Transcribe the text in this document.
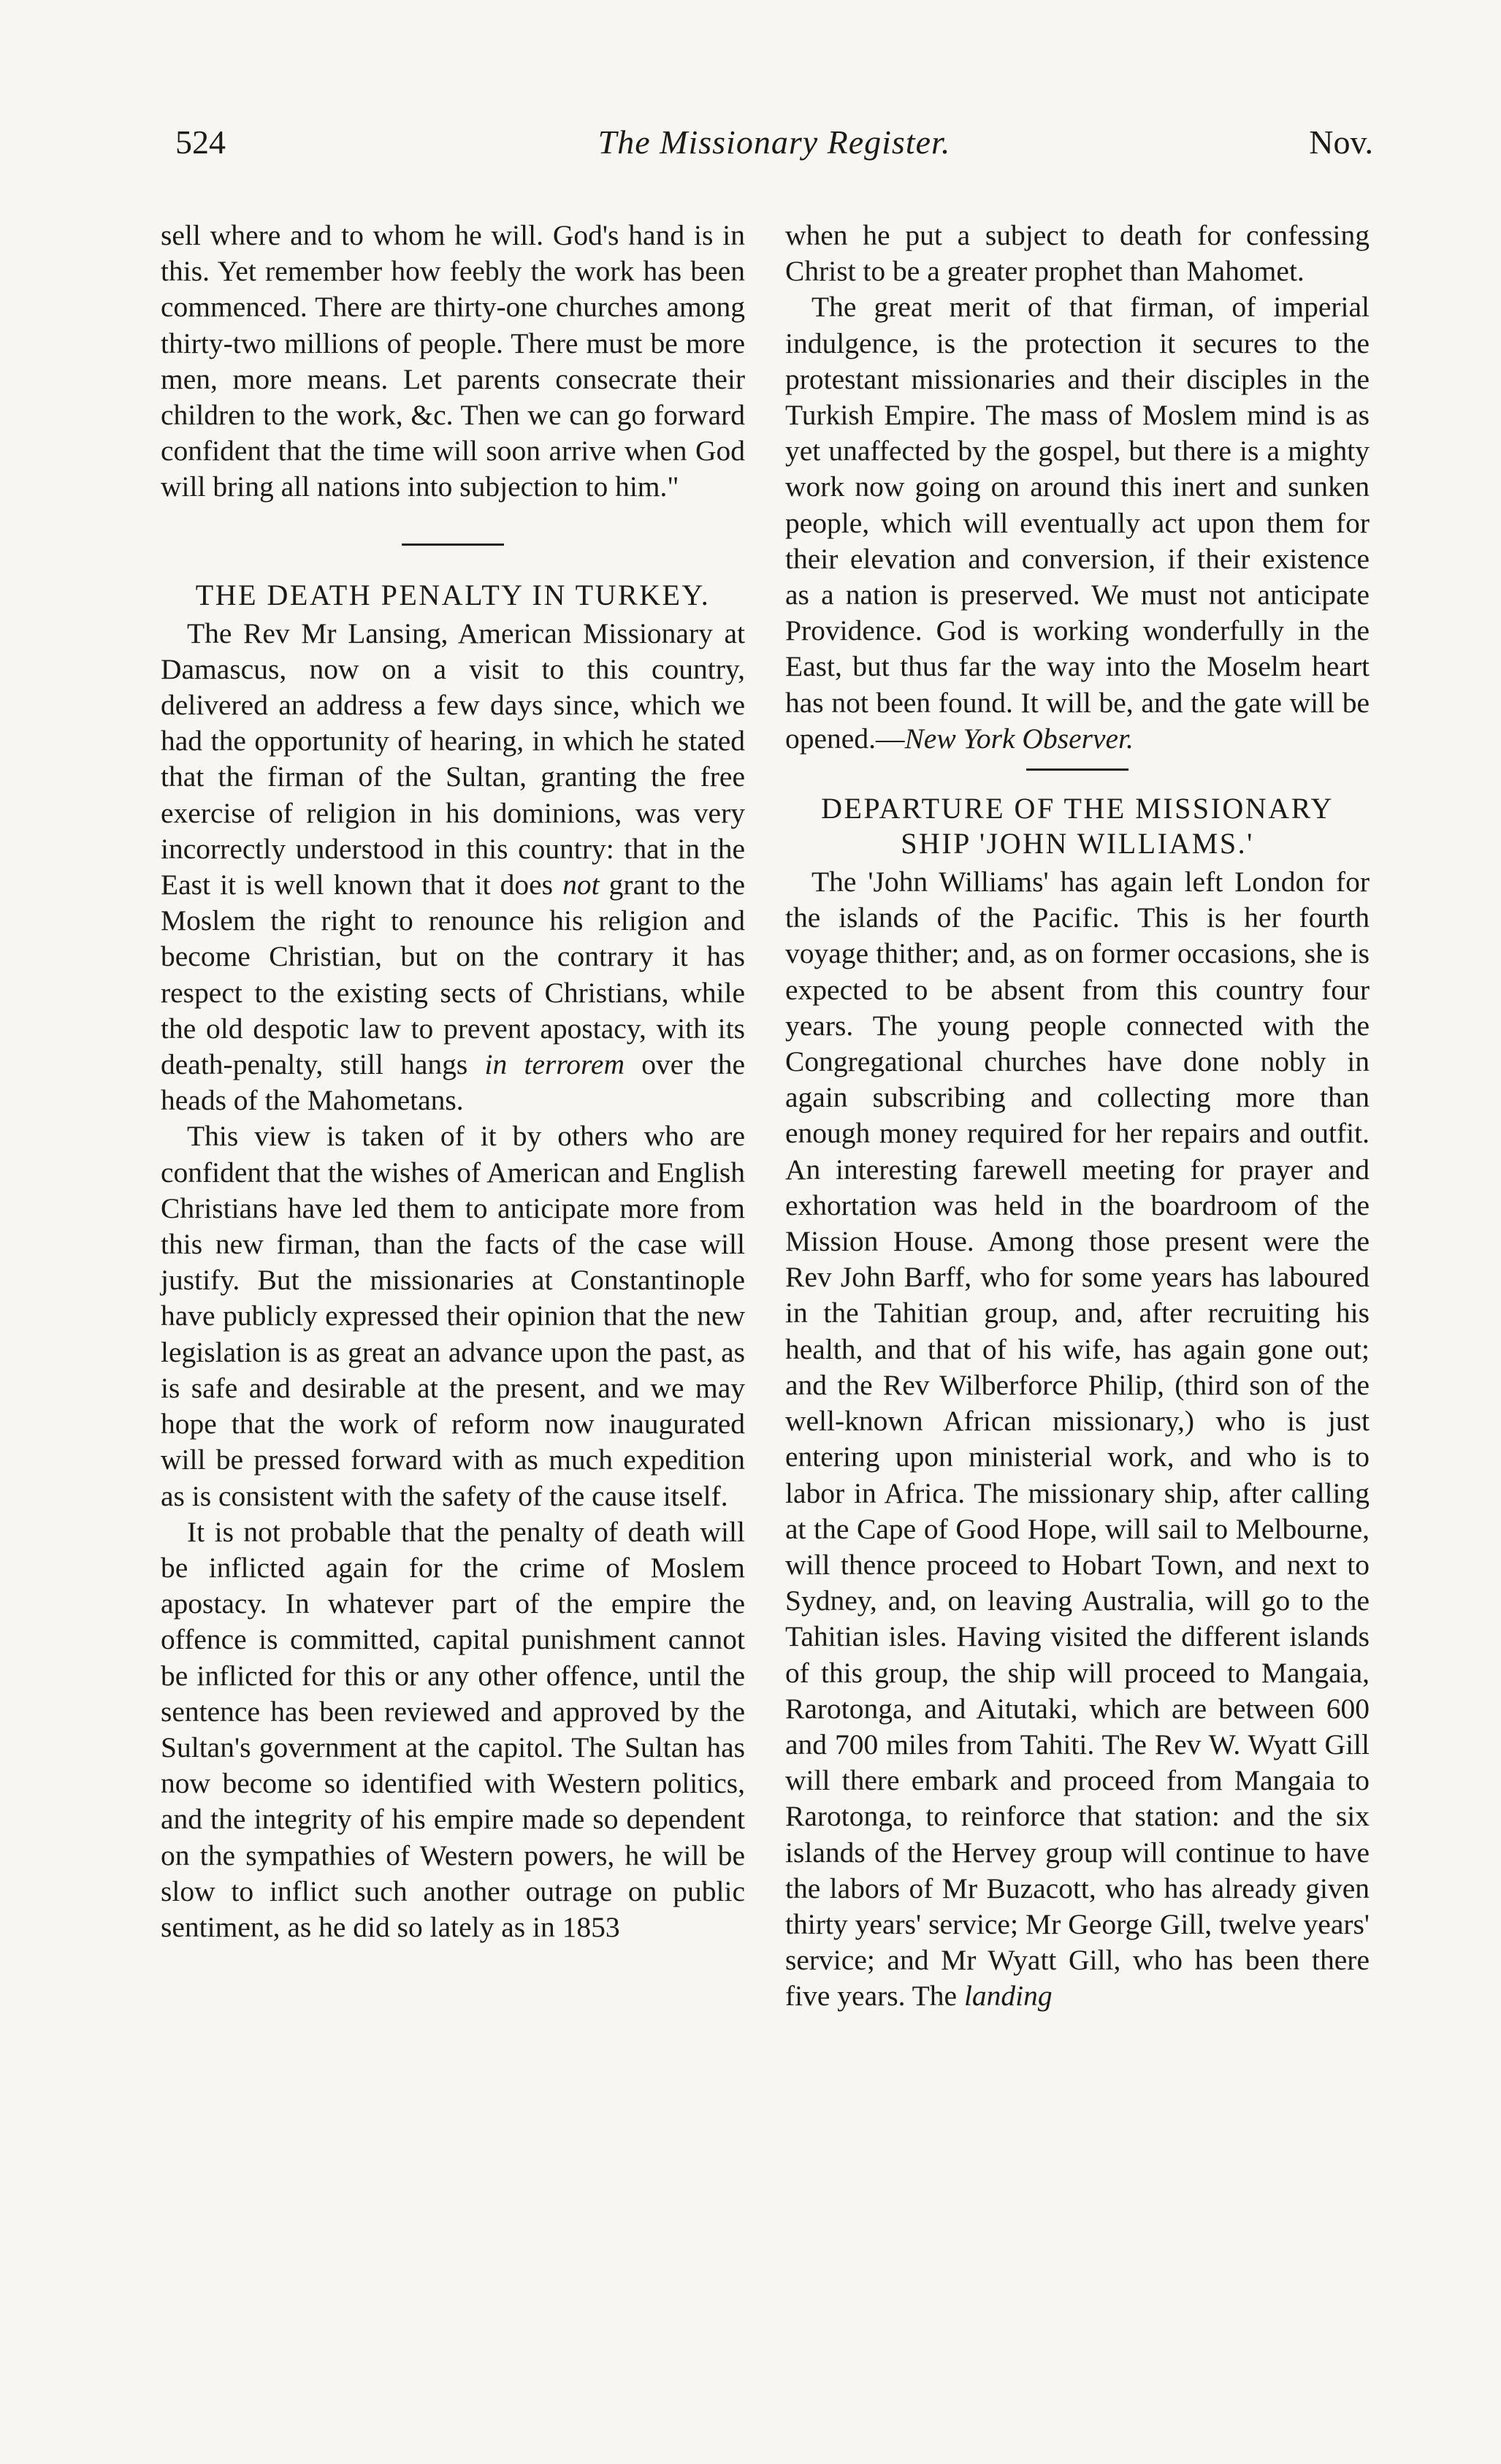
524	The Missionary Register.	Nov.

sell where and to whom he will. God's hand is in this. Yet remember how feebly the work has been commenced. There are thirty-one churches among thirty-two millions of people. There must be more men, more means. Let parents consecrate their children to the work, &c. Then we can go forward confident that the time will soon arrive when God will bring all nations into subjection to him."

THE DEATH PENALTY IN TURKEY.

The Rev Mr Lansing, American Missionary at Damascus, now on a visit to this country, delivered an address a few days since, which we had the opportunity of hearing, in which he stated that the firman of the Sultan, granting the free exercise of religion in his dominions, was very incorrectly understood in this country: that in the East it is well known that it does not grant to the Moslem the right to renounce his religion and become Christian, but on the contrary it has respect to the existing sects of Christians, while the old despotic law to prevent apostacy, with its death-penalty, still hangs in terrorem over the heads of the Mahometans.

This view is taken of it by others who are confident that the wishes of American and English Christians have led them to anticipate more from this new firman, than the facts of the case will justify. But the missionaries at Constantinople have publicly expressed their opinion that the new legislation is as great an advance upon the past, as is safe and desirable at the present, and we may hope that the work of reform now inaugurated will be pressed forward with as much expedition as is consistent with the safety of the cause itself.

It is not probable that the penalty of death will be inflicted again for the crime of Moslem apostacy. In whatever part of the empire the offence is committed, capital punishment cannot be inflicted for this or any other offence, until the sentence has been reviewed and approved by the Sultan's government at the capitol. The Sultan has now become so identified with Western politics, and the integrity of his empire made so dependent on the sympathies of Western powers, he will be slow to inflict such another outrage on public sentiment, as he did so lately as in 1853

when he put a subject to death for confessing Christ to be a greater prophet than Mahomet.

The great merit of that firman, of imperial indulgence, is the protection it secures to the protestant missionaries and their disciples in the Turkish Empire. The mass of Moslem mind is as yet unaffected by the gospel, but there is a mighty work now going on around this inert and sunken people, which will eventually act upon them for their elevation and conversion, if their existence as a nation is preserved. We must not anticipate Providence. God is working wonderfully in the East, but thus far the way into the Moselm heart has not been found. It will be, and the gate will be opened.—New York Observer.

DEPARTURE OF THE MISSIONARY SHIP 'JOHN WILLIAMS.'

The 'John Williams' has again left London for the islands of the Pacific. This is her fourth voyage thither; and, as on former occasions, she is expected to be absent from this country four years. The young people connected with the Congregational churches have done nobly in again subscribing and collecting more than enough money required for her repairs and outfit. An interesting farewell meeting for prayer and exhortation was held in the boardroom of the Mission House. Among those present were the Rev John Barff, who for some years has laboured in the Tahitian group, and, after recruiting his health, and that of his wife, has again gone out; and the Rev Wilberforce Philip, (third son of the well-known African missionary,) who is just entering upon ministerial work, and who is to labor in Africa. The missionary ship, after calling at the Cape of Good Hope, will sail to Melbourne, will thence proceed to Hobart Town, and next to Sydney, and, on leaving Australia, will go to the Tahitian isles. Having visited the different islands of this group, the ship will proceed to Mangaia, Rarotonga, and Aitutaki, which are between 600 and 700 miles from Tahiti. The Rev W. Wyatt Gill will there embark and proceed from Mangaia to Rarotonga, to reinforce that station: and the six islands of the Hervey group will continue to have the labors of Mr Buzacott, who has already given thirty years' service; Mr George Gill, twelve years' service; and Mr Wyatt Gill, who has been there five years. The landing
